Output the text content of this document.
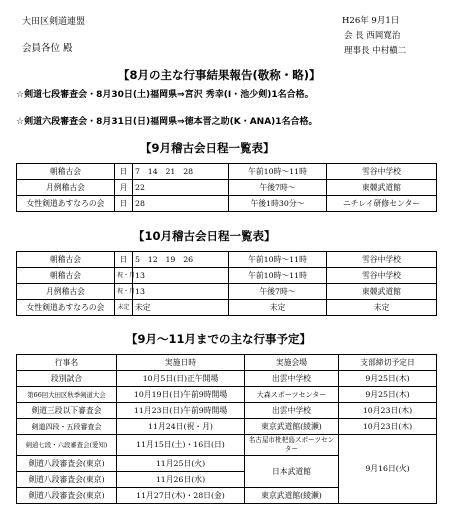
大田区剣道連盟
会員各位 殿
H26年 9月1日
会 長 西岡寛治
理事長 中村槇二
【8月の主な行事結果報告(敬称・略)】
☆剣道七段審査会・8月30日(土)福岡県⇒宮沢 秀幸(I・池少剣)1名合格。
☆剣道六段審査会・8月31日(日)福岡県⇒徳本晋之助(K・ANA)1名合格。
【9月稽古会日程一覧表】
朝稽古会	日	7　14　21　28	午前10時～11時	雪谷中学校
月例稽古会	月	22	午後7時～	東競武道館
女性剣道あすなろの会	日	28	午後1時30分～	ニチレイ研修センター
【10月稽古会日程一覧表】
朝稽古会	日	5　12　19　26	午前10時～11時	雪谷中学校
朝稽古会	祝・月	13	午前10時～11時	雪谷中学校
月例稽古会	祝・月	13	午後7時～	東競武道館
女性剣道あすなろの会	未定	未定	未定	未定
【9月～11月までの主な行事予定】
行事名	実施日時	実施会場	支部締切予定日
段別試合	10月5日(日)正午開場	出雲中学校	9月25日(木)
第66回大田区秋季剣道大会	10月19日(日)午前9時開場	大森スポーツセンター	9月25日(木)
剣道三段以下審査会	11月23日(日)午前9時開場	出雲中学校	10月23日(木)
剣道四段・五段審査会	11月24日(祝・月)	東京武道館(綾瀬)	10月23日(木)
剣道七段・六段審査会(愛知)	11月15日(土)・16日(日)	名古屋市枇杷島スポーツセンター	9月16日(火)
剣道八段審査会(東京)	11月25日(火)	日本武道館	
剣道八段審査会(東京)	11月26日(水)		
剣道八段審査会(東京)	11月27日(木)・28日(金)	東京武道館(綾瀬)	
